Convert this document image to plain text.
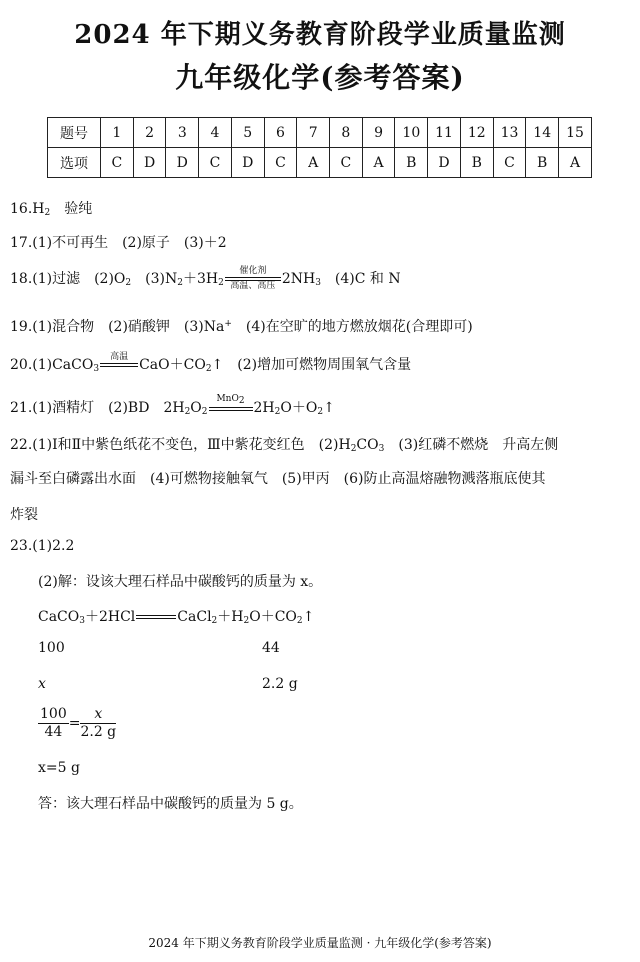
2024 年下期义务教育阶段学业质量监测
九年级化学(参考答案)
题号	1	2	3	4	5	6	7	8	9	10	11	12	13	14	15
选项	C	D	D	C	D	C	A	C	A	B	D	B	C	B	A
$16.H_2$　 验纯
17.(1)不可再生　(2)原子　(3)＋2
18.(1)过滤　$(2)O_2$　$(3)N_2+3H_2$
催化剂
高温、高压 $2NH_3$　(4)C 和 N
19.(1)混合物　(2)硝酸钾　(3)Na+　(4)在空旷的地方燃放烟花(合理即可)
20.(1)CaCO$_3$
高温
$CaO+CO_2↑$　(2)增加可燃物周围氧气含量
21.(1)酒精灯　(2)BD　$2H_2O_2$
MnO$_2$
$2H_2O+O_2↑$
22.(1)Ⅰ和Ⅱ中紫色纸花不变色，Ⅲ中紫花变红色　$(2)H_2CO_3$　(3)红磷不燃烧　升高左侧
漏斗至白磷露出水面　(4)可燃物接触氧气　(5)甲丙　(6)防止高温熔融物溅落瓶底使其
炸裂
23.(1)2.2
(2)解：设该大理石样品中碳酸钙的质量为 x。
CaCO$_3$＋2HCl

	$CaCl_2+H_2O+CO_2↑$
100	44
x	2.2 g
$\frac{100}{44} = \frac{x}{2.2 g}$
x=5 g
答：该大理石样品中碳酸钙的质量为 5 g。
2024 年下期义务教育阶段学业质量监测 · 九年级化学(参考答案)
